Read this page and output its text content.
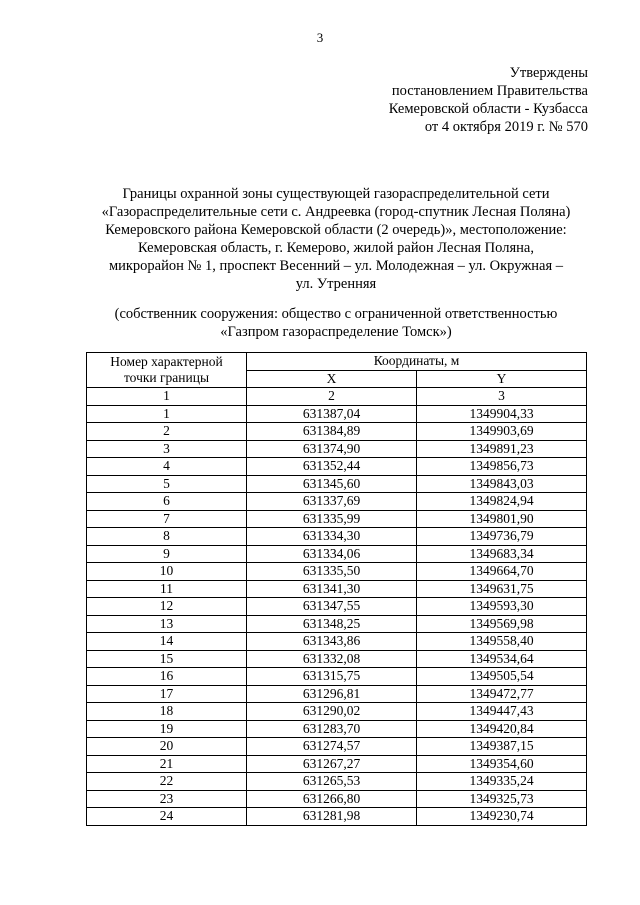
3
Утверждены
постановлением Правительства
Кемеровской области - Кузбасса
от 4 октября 2019 г. № 570
Границы охранной зоны существующей газораспределительной сети
«Газораспределительные сети с. Андреевка (город-спутник Лесная Поляна)
Кемеровского района Кемеровской области (2 очередь)», местоположение:
Кемеровская область, г. Кемерово, жилой район Лесная Поляна,
микрорайон № 1, проспект Весенний – ул. Молодежная – ул. Окружная –
ул. Утренняя
(собственник сооружения: общество с ограниченной ответственностью
«Газпром газораспределение Томск»)
Номер характерной
точки границы	Координаты, м	
	X	Y
1	2	3
1	631387,04	1349904,33
2	631384,89	1349903,69
3	631374,90	1349891,23
4	631352,44	1349856,73
5	631345,60	1349843,03
6	631337,69	1349824,94
7	631335,99	1349801,90
8	631334,30	1349736,79
9	631334,06	1349683,34
10	631335,50	1349664,70
11	631341,30	1349631,75
12	631347,55	1349593,30
13	631348,25	1349569,98
14	631343,86	1349558,40
15	631332,08	1349534,64
16	631315,75	1349505,54
17	631296,81	1349472,77
18	631290,02	1349447,43
19	631283,70	1349420,84
20	631274,57	1349387,15
21	631267,27	1349354,60
22	631265,53	1349335,24
23	631266,80	1349325,73
24	631281,98	1349230,74
